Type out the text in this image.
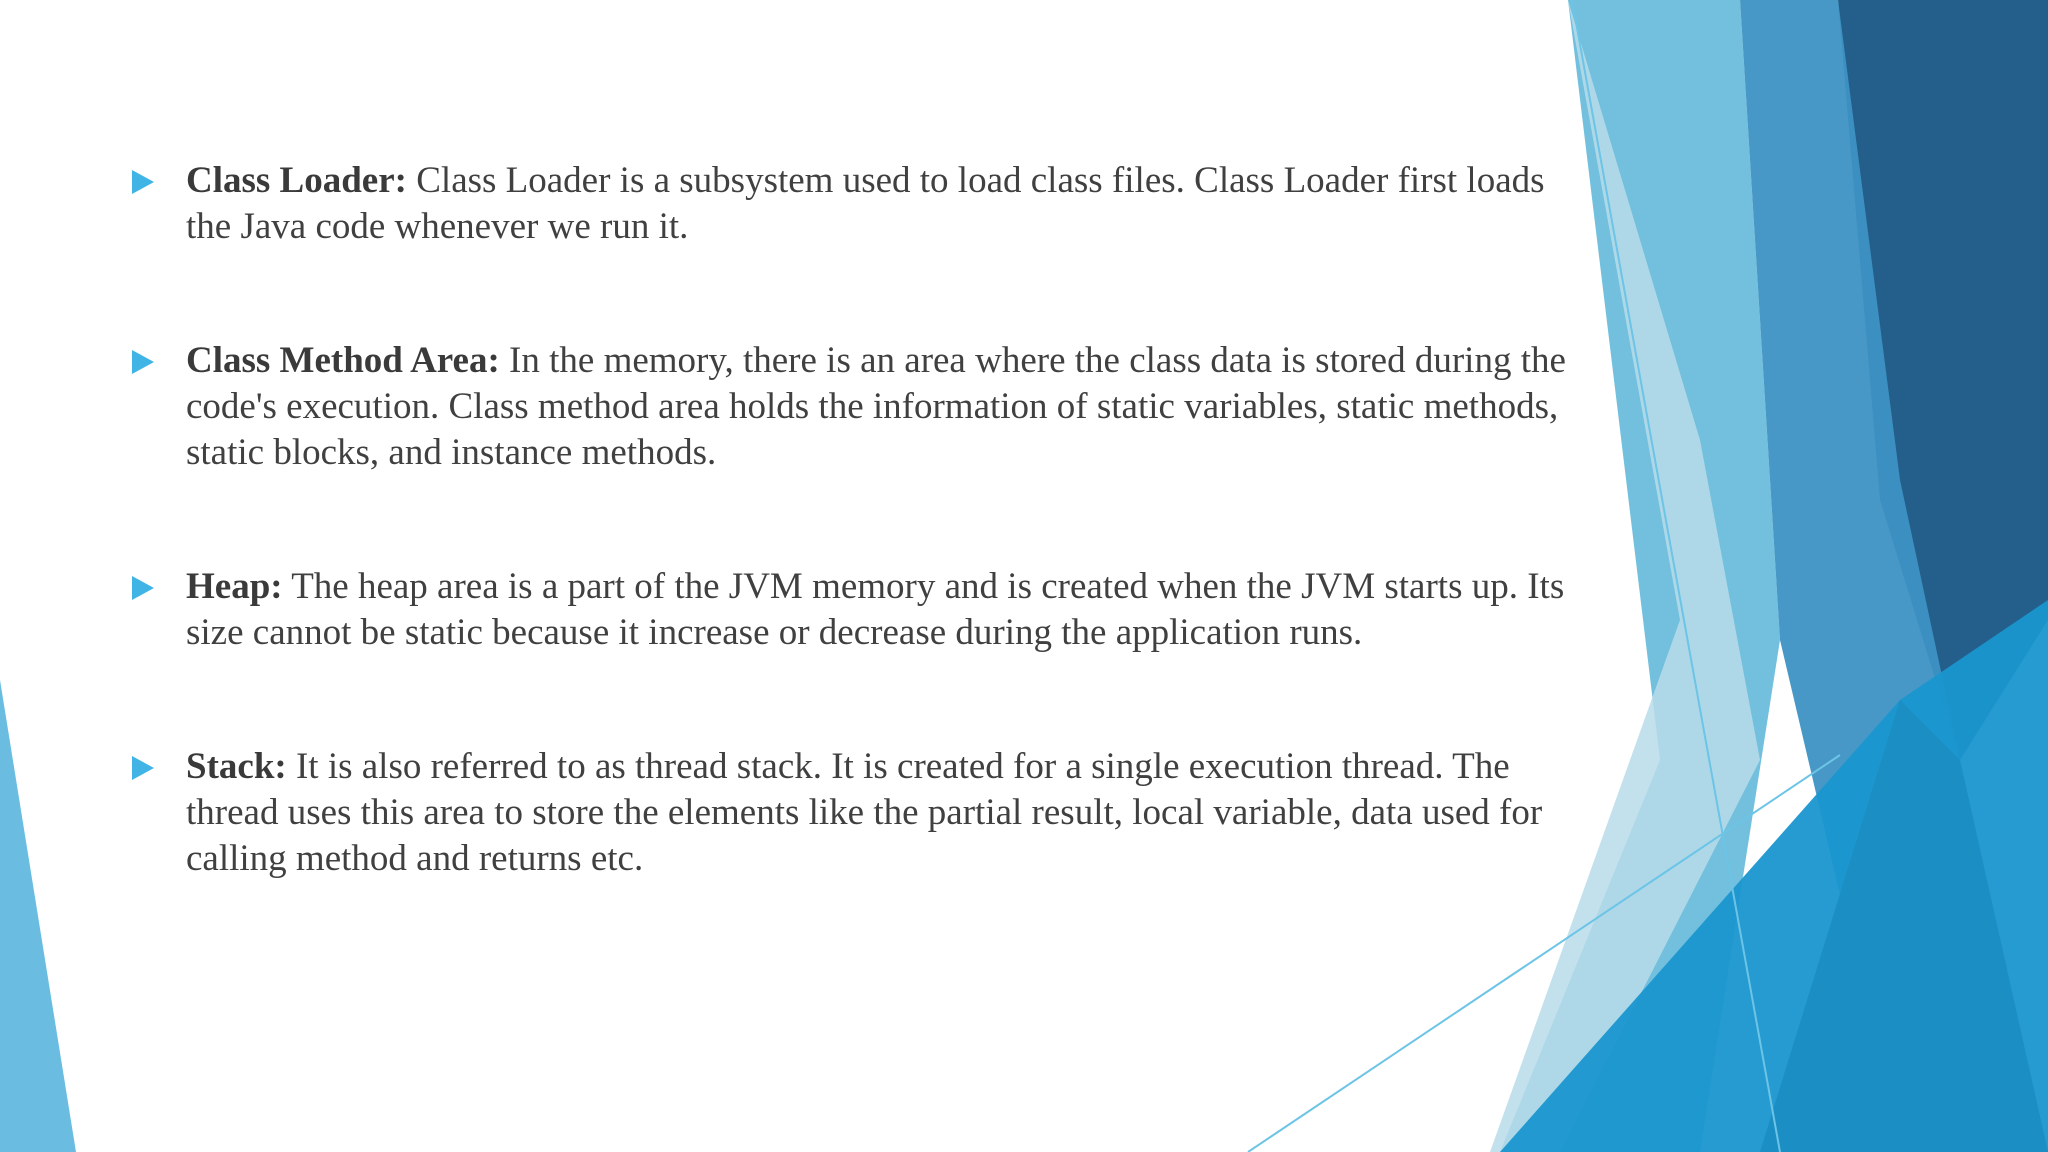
Class Loader: Class Loader is a subsystem used to load class files. Class Loader first loads the Java code whenever we run it.
Class Method Area: In the memory, there is an area where the class data is stored during the code's execution. Class method area holds the information of static variables, static methods, static blocks, and instance methods.
Heap: The heap area is a part of the JVM memory and is created when the JVM starts up. Its size cannot be static because it increase or decrease during the application runs.
Stack: It is also referred to as thread stack. It is created for a single execution thread. The thread uses this area to store the elements like the partial result, local variable, data used for calling method and returns etc.
